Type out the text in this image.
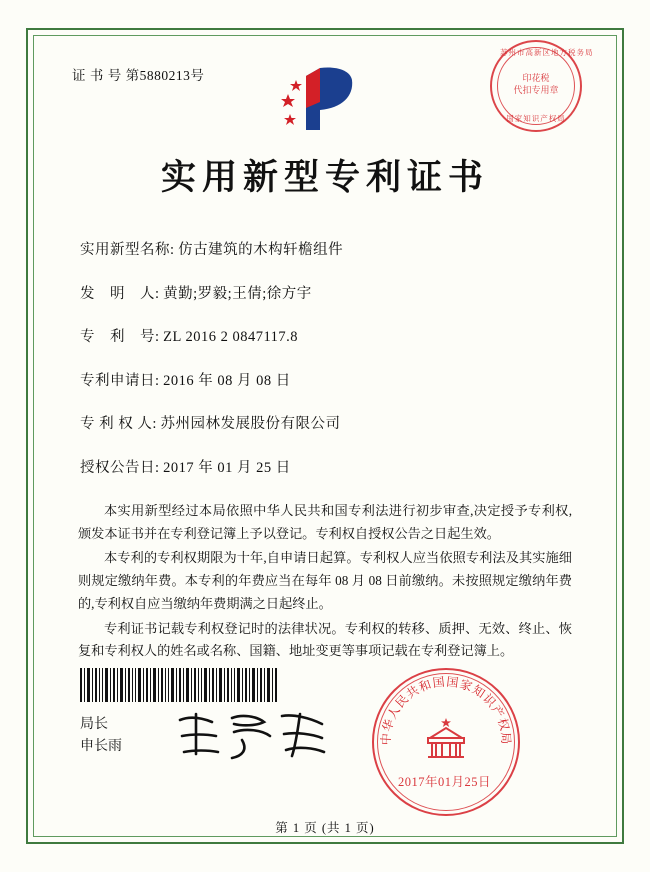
证 书 号 第5880213号
苏州市高新区地方税务局
印花税
代扣专用章
国家知识产权局
实用新型专利证书
实用新型名称: 仿古建筑的木构轩檐组件
发　明　人: 黄勤;罗毅;王倩;徐方宇
专　利　号: ZL 2016 2 0847117.8
专利申请日: 2016 年 08 月 08 日
专 利 权 人: 苏州园林发展股份有限公司
授权公告日: 2017 年 01 月 25 日

本实用新型经过本局依照中华人民共和国专利法进行初步审查,决定授予专利权,颁发本证书并在专利登记簿上予以登记。专利权自授权公告之日起生效。

本专利的专利权期限为十年,自申请日起算。专利权人应当依照专利法及其实施细则规定缴纳年费。本专利的年费应当在每年 08 月 08 日前缴纳。未按照规定缴纳年费的,专利权自应当缴纳年费期满之日起终止。

专利证书记载专利权登记时的法律状况。专利权的转移、质押、无效、终止、恢复和专利权人的姓名或名称、国籍、地址变更等事项记载在专利登记簿上。

局长
申长雨
中华人民共和国国家知识产权局
2017年01月25日
第 1 页 (共 1 页)
